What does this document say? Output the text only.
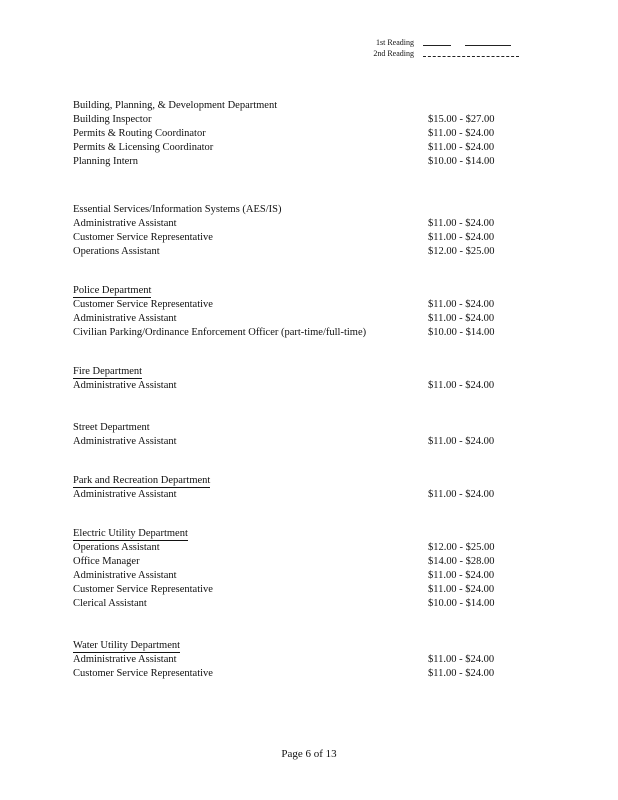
1st Reading
2nd Reading
Building, Planning, & Development Department
Building Inspector	$15.00 - $27.00
Permits & Routing Coordinator	$11.00 - $24.00
Permits & Licensing Coordinator	$11.00 - $24.00
Planning Intern	$10.00 - $14.00
Essential Services/Information Systems (AES/IS)
Administrative Assistant	$11.00 - $24.00
Customer Service Representative	$11.00 - $24.00
Operations Assistant	$12.00 - $25.00
Police Department
Customer Service Representative	$11.00 - $24.00
Administrative Assistant	$11.00 - $24.00
Civilian Parking/Ordinance Enforcement Officer (part-time/full-time)	$10.00 - $14.00
Fire Department
Administrative Assistant	$11.00 - $24.00
Street Department
Administrative Assistant	$11.00 - $24.00
Park and Recreation Department
Administrative Assistant	$11.00 - $24.00
Electric Utility Department
Operations Assistant	$12.00 - $25.00
Office Manager	$14.00 - $28.00
Administrative Assistant	$11.00 - $24.00
Customer Service Representative	$11.00 - $24.00
Clerical Assistant	$10.00 - $14.00
Water Utility Department
Administrative Assistant	$11.00 - $24.00
Customer Service Representative	$11.00 - $24.00
Page 6 of 13
